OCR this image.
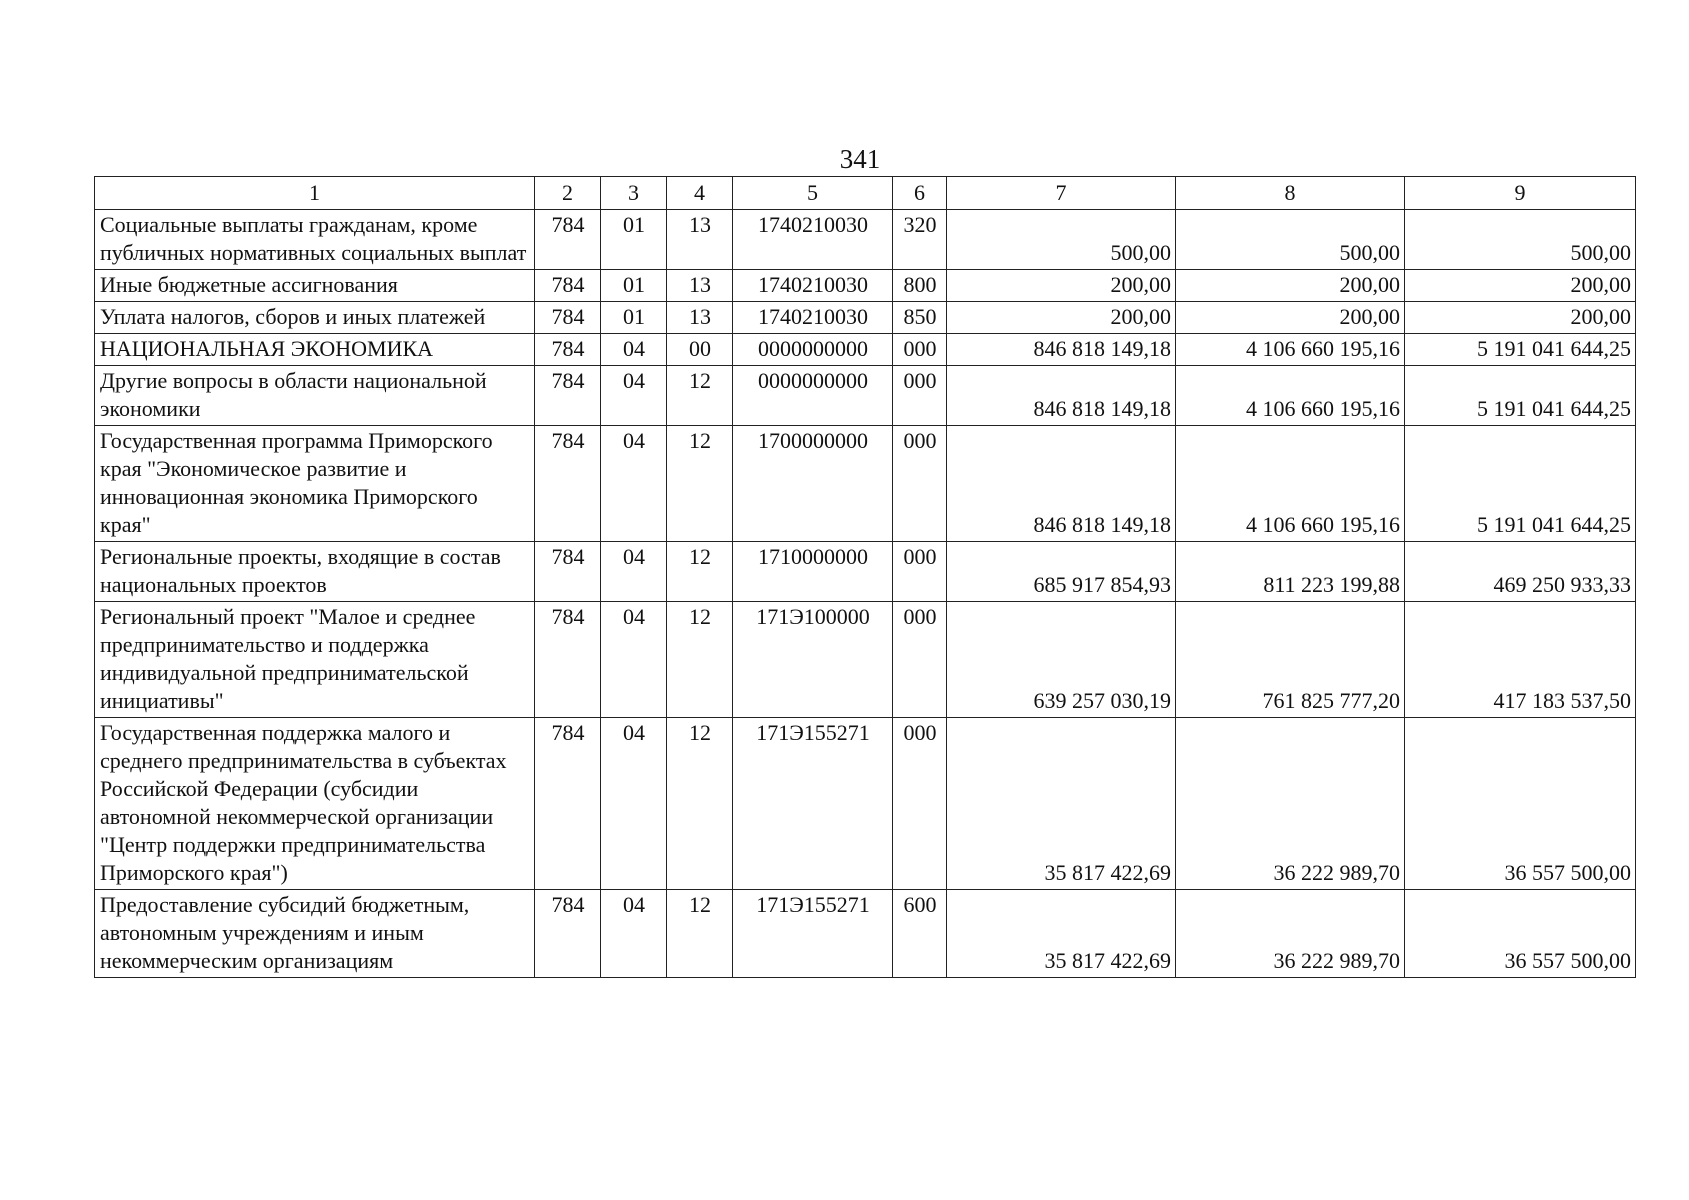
341
1	2	3	4	5	6	7	8	9
Социальные выплаты гражданам, кроме публичных нормативных социальных выплат	784	01	13	1740210030	320	500,00	500,00	500,00
Иные бюджетные ассигнования	784	01	13	1740210030	800	200,00	200,00	200,00
Уплата налогов, сборов и иных платежей	784	01	13	1740210030	850	200,00	200,00	200,00
НАЦИОНАЛЬНАЯ ЭКОНОМИКА	784	04	00	0000000000	000	846 818 149,18	4 106 660 195,16	5 191 041 644,25
Другие вопросы в области национальной экономики	784	04	12	0000000000	000	846 818 149,18	4 106 660 195,16	5 191 041 644,25
Государственная программа Приморского края "Экономическое развитие и инновационная экономика Приморского края"	784	04	12	1700000000	000	846 818 149,18	4 106 660 195,16	5 191 041 644,25
Региональные проекты, входящие в состав национальных проектов	784	04	12	1710000000	000	685 917 854,93	811 223 199,88	469 250 933,33
Региональный проект "Малое и среднее предпринимательство и поддержка индивидуальной предпринимательской инициативы"	784	04	12	171Э100000	000	639 257 030,19	761 825 777,20	417 183 537,50
Государственная поддержка малого и среднего предпринимательства в субъектах Российской Федерации (субсидии автономной некоммерческой организации "Центр поддержки предпринимательства Приморского края")	784	04	12	171Э155271	000	35 817 422,69	36 222 989,70	36 557 500,00
Предоставление субсидий бюджетным, автономным учреждениям и иным некоммерческим организациям	784	04	12	171Э155271	600	35 817 422,69	36 222 989,70	36 557 500,00
